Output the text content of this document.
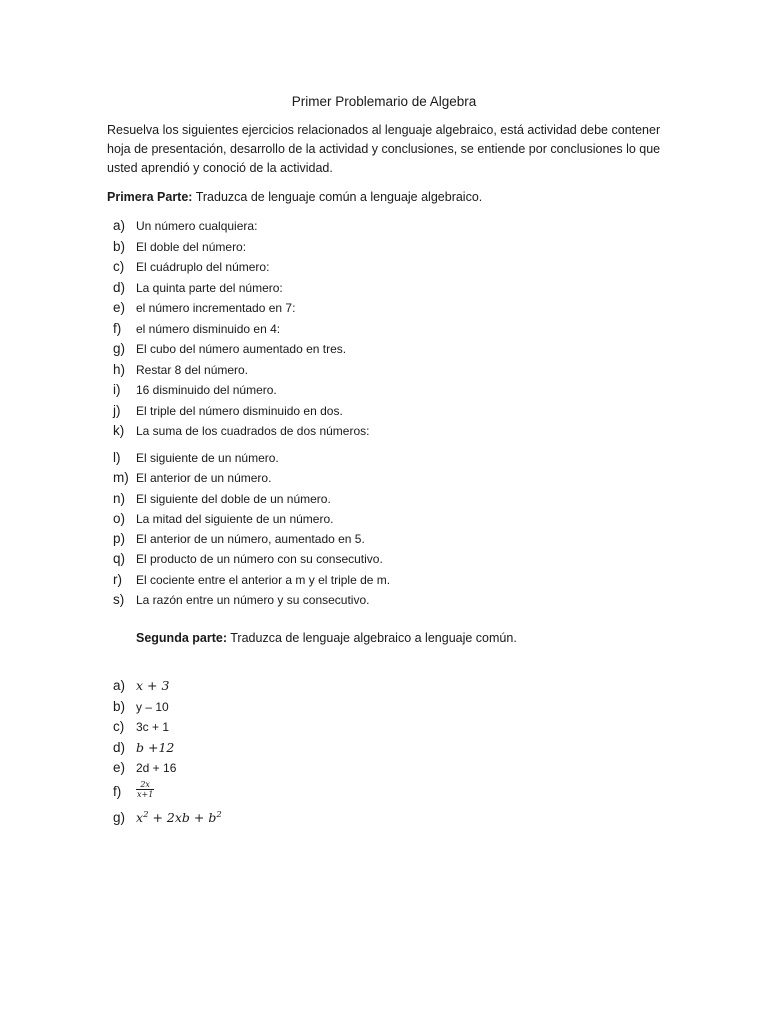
Primer Problemario de Algebra

Resuelva los siguientes ejercicios relacionados al lenguaje algebraico, está actividad debe contener hoja de presentación, desarrollo de la actividad y conclusiones, se entiende por conclusiones lo que usted aprendió y conoció de la actividad.

Primera Parte: Traduzca de lenguaje común a lenguaje algebraico.
a) Un número cualquiera:
b) El doble del número:
c) El cuádruplo del número:
d) La quinta parte del número:
e) el número incrementado en 7:
f) el número disminuido en 4:
g) El cubo del número aumentado en tres.
h) Restar 8 del número.
i) 16 disminuido del número.
j) El triple del número disminuido en dos.
k) La suma de los cuadrados de dos números:
l) El siguiente de un número.
m) El anterior de un número.
n) El siguiente del doble de un número.
o) La mitad del siguiente de un número.
p) El anterior de un número, aumentado en 5.
q) El producto de un número con su consecutivo.
r) El cociente entre el anterior a m y el triple de m.
s) La razón entre un número y su consecutivo.
Segunda parte: Traduzca de lenguaje algebraico a lenguaje común.
a) x + 3
b) y – 10
c) 3c + 1
d) b +12
e) 2d + 16
$f) \frac{2x}{x+1}$
g) $x^2 + 2xb + b^2$
